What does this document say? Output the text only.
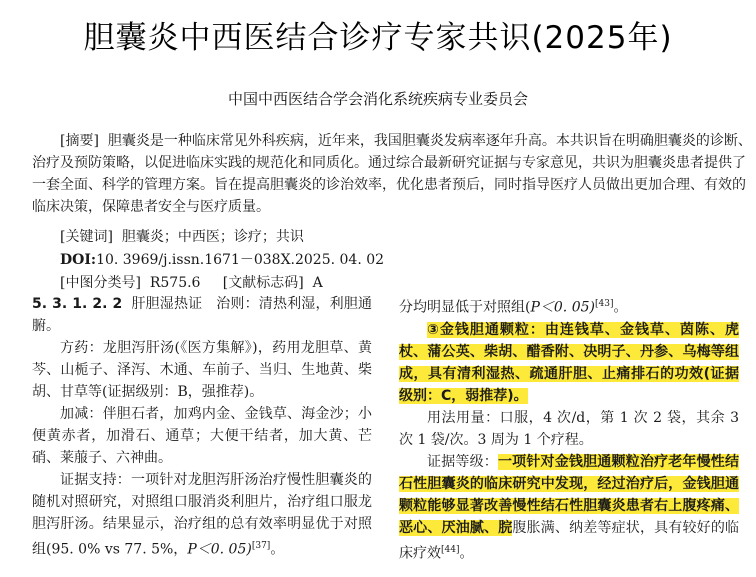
胆囊炎中西医结合诊疗专家共识(2025年)
中国中西医结合学会消化系统疾病专业委员会

[摘要] 胆囊炎是一种临床常见外科疾病，近年来，我国胆囊炎发病率逐年升高。本共识旨在明确胆囊炎的诊断、治疗及预防策略，以促进临床实践的规范化和同质化。通过综合最新研究证据与专家意见，共识为胆囊炎患者提供了一套全面、科学的管理方案。旨在提高胆囊炎的诊治效率，优化患者预后，同时指导医疗人员做出更加合理、有效的临床决策，保障患者安全与医疗质量。

[关键词] 胆囊炎；中西医；诊疗；共识
DOI:10. 3969/j.issn.1671－038X.2025. 04. 02
[中图分类号] R575.6 [文献标志码] A

5. 3. 1. 2. 2 肝胆湿热证 治则：清热利湿，利胆通腑。

方药：龙胆泻肝汤(《医方集解》)，药用龙胆草、黄芩、山栀子、泽泻、木通、车前子、当归、生地黄、柴胡、甘草等(证据级别：B，强推荐)。

加减：伴胆石者，加鸡内金、金钱草、海金沙；小便黄赤者，加滑石、通草；大便干结者，加大黄、芒硝、莱菔子、六神曲。

证据支持：一项针对龙胆泻肝汤治疗慢性胆囊炎的随机对照研究，对照组口服消炎利胆片，治疗组口服龙胆泻肝汤。结果显示，治疗组的总有效率明显优于对照组(95. 0% vs 77. 5%，P＜0. 05)[37]。

分均明显低于对照组(P＜0. 05)[43]。

③金钱胆通颗粒：由连钱草、金钱草、茵陈、虎杖、蒲公英、柴胡、醋香附、决明子、丹参、乌梅等组成，具有清利湿热、疏通肝胆、止痛排石的功效(证据级别：C，弱推荐)。

用法用量：口服，4 次/d，第 1 次 2 袋，其余 3 次 1 袋/次。3 周为 1 个疗程。

证据等级：一项针对金钱胆通颗粒治疗老年慢性结石性胆囊炎的临床研究中发现，经过治疗后，金钱胆通颗粒能够显著改善慢性结石性胆囊炎患者右上腹疼痛、恶心、厌油腻、脘腹胀满、纳差等症状，具有较好的临床疗效[44]。
